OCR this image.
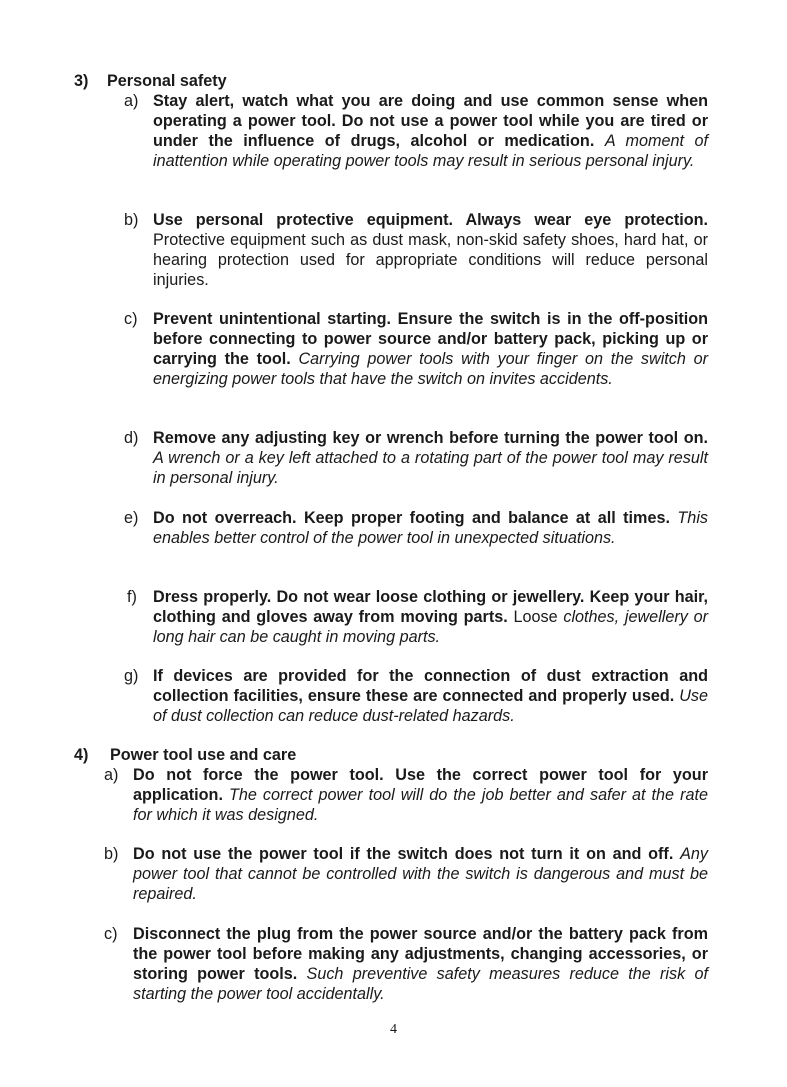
3) Personal safety
a) Stay alert, watch what you are doing and use common sense when operating a power tool. Do not use a power tool while you are tired or under the influence of drugs, alcohol or medication. A moment of inattention while operating power tools may result in serious personal injury.
b) Use personal protective equipment. Always wear eye protection. Protective equipment such as dust mask, non-skid safety shoes, hard hat, or hearing protection used for appropriate conditions will reduce personal injuries.
c) Prevent unintentional starting. Ensure the switch is in the off-position before connecting to power source and/or battery pack, picking up or carrying the tool. Carrying power tools with your finger on the switch or energizing power tools that have the switch on invites accidents.
d) Remove any adjusting key or wrench before turning the power tool on. A wrench or a key left attached to a rotating part of the power tool may result in personal injury.
e) Do not overreach. Keep proper footing and balance at all times. This enables better control of the power tool in unexpected situations.
f) Dress properly. Do not wear loose clothing or jewellery. Keep your hair, clothing and gloves away from moving parts. Loose clothes, jewellery or long hair can be caught in moving parts.
g) If devices are provided for the connection of dust extraction and collection facilities, ensure these are connected and properly used. Use of dust collection can reduce dust-related hazards.
4) Power tool use and care
a) Do not force the power tool. Use the correct power tool for your application. The correct power tool will do the job better and safer at the rate for which it was designed.
b) Do not use the power tool if the switch does not turn it on and off. Any power tool that cannot be controlled with the switch is dangerous and must be repaired.
c) Disconnect the plug from the power source and/or the battery pack from the power tool before making any adjustments, changing accessories, or storing power tools. Such preventive safety measures reduce the risk of starting the power tool accidentally.
4
